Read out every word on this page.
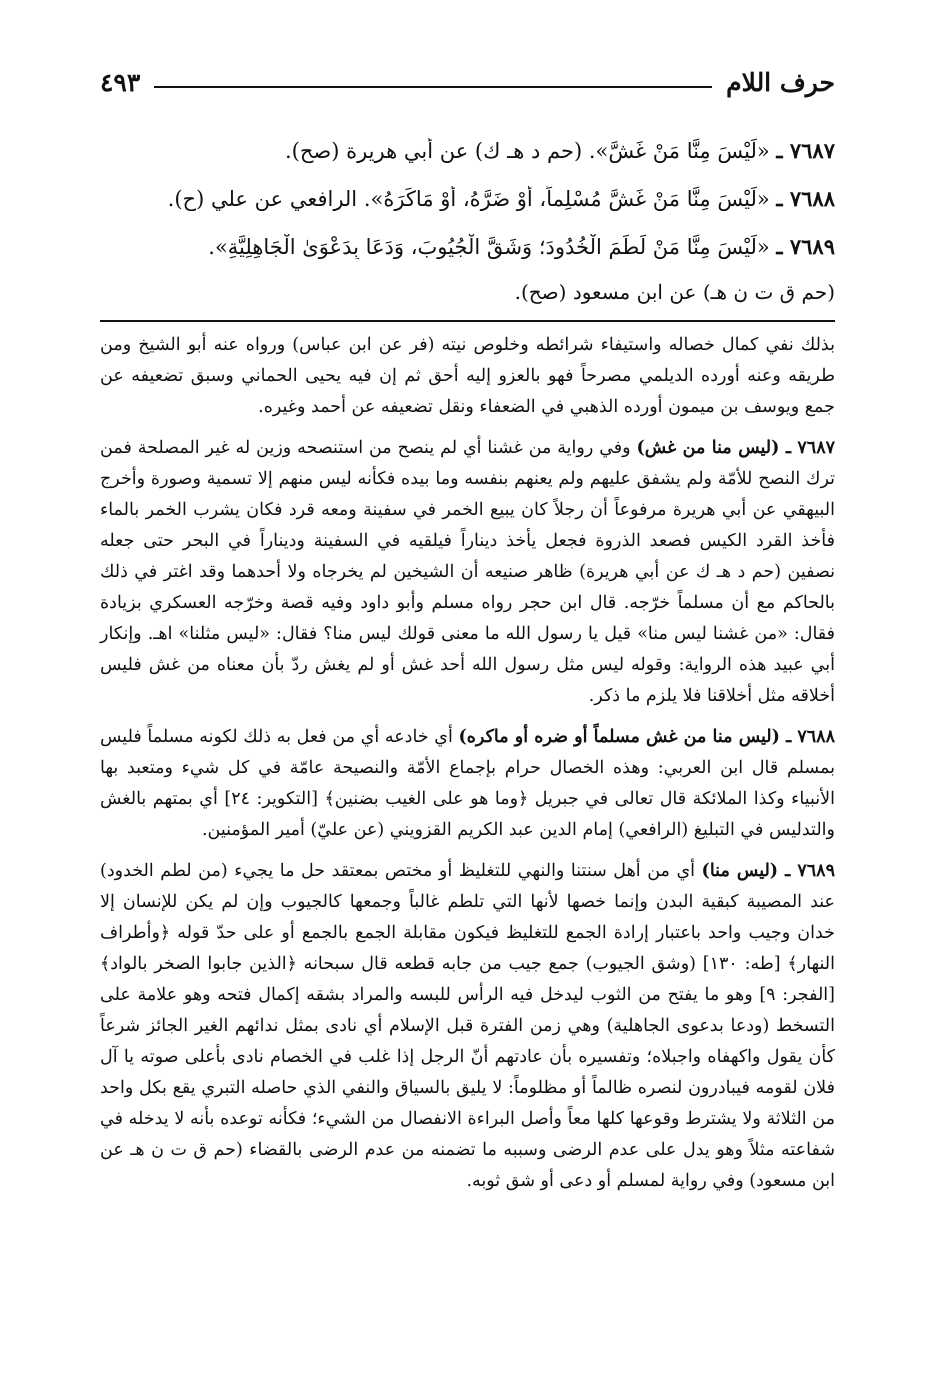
حرف اللام
٤٩٣
٧٦٨٧ ـ «لَيْسَ مِنَّا مَنْ غَشَّ». (حم د هـ ك) عن أبي هريرة (صح).
٧٦٨٨ ـ «لَيْسَ مِنَّا مَنْ غَشَّ مُسْلِماً، أَوْ ضَرَّهُ، أَوْ مَاكَرَهُ». الرافعي عن علي (ح).
٧٦٨٩ ـ «لَيْسَ مِنَّا مَنْ لَطَمَ الْخُدُودَ؛ وَشَقَّ الْجُيُوبَ، وَدَعَا بِدَعْوَىٰ الْجَاهِلِيَّةِ».
(حم ق ت ن هـ) عن ابن مسعود (صح).

بذلك نفي كمال خصاله واستيفاء شرائطه وخلوص نيته (فر عن ابن عباس) ورواه عنه أبو الشيخ ومن طريقه وعنه أورده الديلمي مصرحاً فهو بالعزو إليه أحق ثم إن فيه يحيى الحماني وسبق تضعيفه عن جمع ويوسف بن ميمون أورده الذهبي في الضعفاء ونقل تضعيفه عن أحمد وغيره.

٧٦٨٧ ـ (ليس منا من غش) وفي رواية من غشنا أي لم ينصح من استنصحه وزين له غير المصلحة فمن ترك النصح للأمّة ولم يشفق عليهم ولم يعنهم بنفسه وما بيده فكأنه ليس منهم إلا تسمية وصورة وأخرج البيهقي عن أبي هريرة مرفوعاً أن رجلاً كان يبيع الخمر في سفينة ومعه قرد فكان يشرب الخمر بالماء فأخذ القرد الكيس فصعد الذروة فجعل يأخذ ديناراً فيلقيه في السفينة وديناراً في البحر حتى جعله نصفين (حم د هـ ك عن أبي هريرة) ظاهر صنيعه أن الشيخين لم يخرجاه ولا أحدهما وقد اغتر في ذلك بالحاكم مع أن مسلماً خرّجه. قال ابن حجر رواه مسلم وأبو داود وفيه قصة وخرّجه العسكري بزيادة فقال: «من غشنا ليس منا» قيل يا رسول الله ما معنى قولك ليس منا؟ فقال: «ليس مثلنا» اهـ. وإنكار أبي عبيد هذه الرواية: وقوله ليس مثل رسول الله أحد غش أو لم يغش ردّ بأن معناه من غش فليس أخلاقه مثل أخلاقنا فلا يلزم ما ذكر.

٧٦٨٨ ـ (ليس منا من غش مسلماً أو ضره أو ماكره) أي خادعه أي من فعل به ذلك لكونه مسلماً فليس بمسلم قال ابن العربي: وهذه الخصال حرام بإجماع الأمّة والنصيحة عامّة في كل شيء ومتعبد بها الأنبياء وكذا الملائكة قال تعالى في جبريل ﴿وما هو على الغيب بضنين﴾ [التكوير: ٢٤] أي بمتهم بالغش والتدليس في التبليغ (الرافعي) إمام الدين عبد الكريم القزويني (عن عليّ) أمير المؤمنين.

٧٦٨٩ ـ (ليس منا) أي من أهل سنتنا والنهي للتغليظ أو مختص بمعتقد حل ما يجيء (من لطم الخدود) عند المصيبة كبقية البدن وإنما خصها لأنها التي تلطم غالباً وجمعها كالجيوب وإن لم يكن للإنسان إلا خدان وجيب واحد باعتبار إرادة الجمع للتغليظ فيكون مقابلة الجمع بالجمع أو على حدّ قوله ﴿وأطراف النهار﴾ [طه: ١٣٠] (وشق الجيوب) جمع جيب من جابه قطعه قال سبحانه ﴿الذين جابوا الصخر بالواد﴾ [الفجر: ٩] وهو ما يفتح من الثوب ليدخل فيه الرأس للبسه والمراد بشقه إكمال فتحه وهو علامة على التسخط (ودعا بدعوى الجاهلية) وهي زمن الفترة قبل الإسلام أي نادى بمثل ندائهم الغير الجائز شرعاً كأن يقول واكهفاه واجبلاه؛ وتفسيره بأن عادتهم أنّ الرجل إذا غلب في الخصام نادى بأعلى صوته يا آل فلان لقومه فيبادرون لنصره ظالماً أو مظلوماً: لا يليق بالسياق والنفي الذي حاصله التبري يقع بكل واحد من الثلاثة ولا يشترط وقوعها كلها معاً وأصل البراءة الانفصال من الشيء؛ فكأنه توعده بأنه لا يدخله في شفاعته مثلاً وهو يدل على عدم الرضى وسببه ما تضمنه من عدم الرضى بالقضاء (حم ق ت ن هـ عن ابن مسعود) وفي رواية لمسلم أو دعى أو شق ثوبه.
